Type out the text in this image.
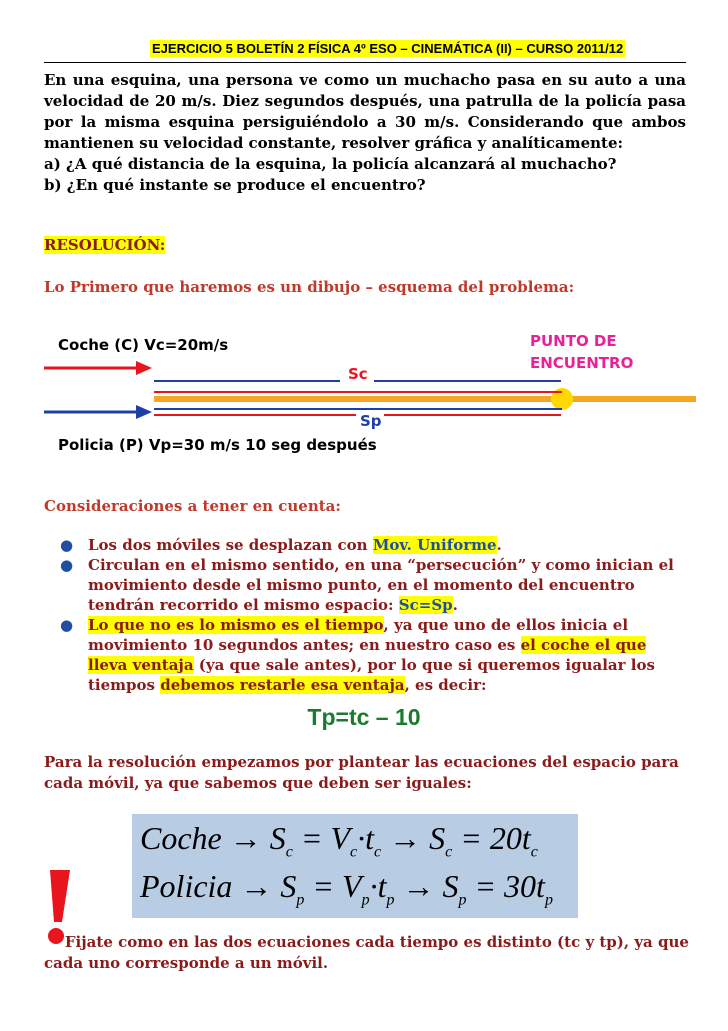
EJERCICIO 5 BOLETÍN 2 FÍSICA 4º ESO – CINEMÁTICA (II) – CURSO 2011/12

En una esquina, una persona ve como un muchacho pasa en su auto a una velocidad de 20 m/s. Diez segundos después, una patrulla de la policía pasa por la misma esquina persiguiéndolo a 30 m/s. Considerando que ambos mantienen su velocidad constante, resolver gráfica y analíticamente:

a) ¿A qué distancia de la esquina, la policía alcanzará al muchacho?

b) ¿En qué instante se produce el encuentro?

RESOLUCIÓN:
Lo Primero que haremos es un dibujo – esquema del problema:
Coche (C) Vc=20m/s
Sc
PUNTO DE
ENCUENTRO
Sp
Policia (P) Vp=30 m/s 10 seg después
Consideraciones a tener en cuenta:
● Los dos móviles se desplazan con Mov. Uniforme.
● Circulan en el mismo sentido, en una “persecución” y como inician el movimiento desde el mismo punto, en el momento del encuentro tendrán recorrido el mismo espacio: Sc=Sp.
● Lo que no es lo mismo es el tiempo, ya que uno de ellos inicia el movimiento 10 segundos antes; en nuestro caso es el coche el que lleva ventaja (ya que sale antes), por lo que si queremos igualar los tiempos debemos restarle esa ventaja, es decir:
Tp=tc – 10
Para la resolución empezamos por plantear las ecuaciones del espacio para cada móvil, ya que sabemos que deben ser iguales:
Coche → $S_c = V_c\cdot t_c \to S_c = 20t_c$
Policia → $S_p = V_p\cdot t_p \to S_p = 30t_p$
Fijate como en las dos ecuaciones cada tiempo es distinto (tc y tp), ya que cada uno corresponde a un móvil.
